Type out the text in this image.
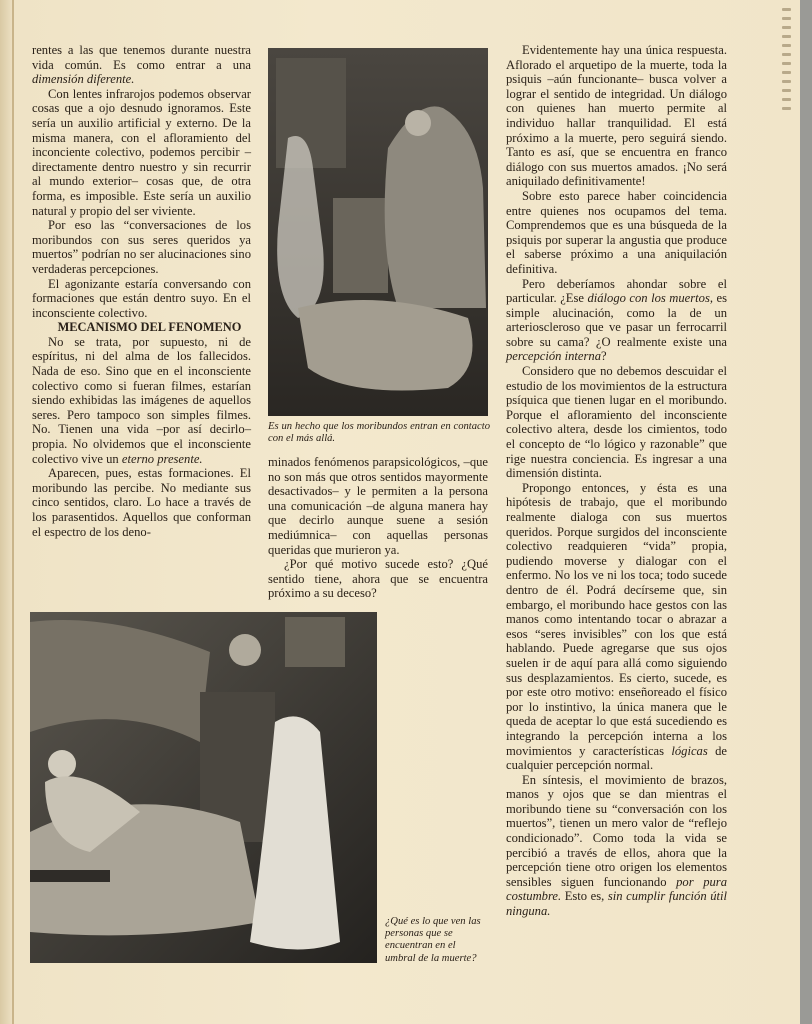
rentes a las que tenemos durante nuestra vida común. Es como entrar a una dimensión diferente.

Con lentes infrarojos podemos observar cosas que a ojo desnudo ignoramos. Este sería un auxilio artificial y externo. De la misma manera, con el afloramiento del inconciente colectivo, podemos percibir –directamente dentro nuestro y sin recurrir al mundo exterior– cosas que, de otra forma, es imposible. Este sería un auxilio natural y propio del ser viviente.

Por eso las “conversaciones de los moribundos con sus seres queridos ya muertos” podrían no ser alucinaciones sino verdaderas percepciones.

El agonizante estaría conversando con formaciones que están dentro suyo. En el inconsciente colectivo.

MECANISMO DEL FENOMENO

No se trata, por supuesto, ni de espíritus, ni del alma de los fallecidos. Nada de eso. Sino que en el inconsciente colectivo como si fueran filmes, estarían siendo exhibidas las imágenes de aquellos seres. Pero tampoco son simples filmes. No. Tienen una vida –por así decirlo– propia. No olvidemos que el inconsciente colectivo vive un eterno presente.

Aparecen, pues, estas formaciones. El moribundo las percibe. No mediante sus cinco sentidos, claro. Lo hace a través de los parasentidos. Aquellos que conforman el espectro de los deno-

minados fenómenos parapsicológicos, –que no son más que otros sentidos mayormente desactivados– y le permiten a la persona una comunicación –de alguna manera hay que decirlo aunque suene a sesión mediúmnica– con aquellas personas queridas que murieron ya.

¿Por qué motivo sucede esto? ¿Qué sentido tiene, ahora que se encuentra próximo a su deceso?

Evidentemente hay una única respuesta. Aflorado el arquetipo de la muerte, toda la psiquis –aún funcionante– busca volver a lograr el sentido de integridad. Un diálogo con quienes han muerto permite al individuo hallar tranquilidad. El está próximo a la muerte, pero seguirá siendo. Tanto es así, que se encuentra en franco diálogo con sus muertos amados. ¡No será aniquilado definitivamente!

Sobre esto parece haber coincidencia entre quienes nos ocupamos del tema. Comprendemos que es una búsqueda de la psiquis por superar la angustia que produce el saberse próximo a una aniquilación definitiva.

Pero deberíamos ahondar sobre el particular. ¿Ese diálogo con los muertos, es simple alucinación, como la de un arterioscleroso que ve pasar un ferrocarril sobre su cama? ¿O realmente existe una percepción interna?

Considero que no debemos descuidar el estudio de los movimientos de la estructura psíquica que tienen lugar en el moribundo. Porque el afloramiento del inconsciente colectivo altera, desde los cimientos, todo el concepto de “lo lógico y razonable” que rige nuestra conciencia. Es ingresar a una dimensión distinta.

Propongo entonces, y ésta es una hipótesis de trabajo, que el moribundo realmente dialoga con sus muertos queridos. Porque surgidos del inconsciente colectivo readquieren “vida” propia, pudiendo moverse y dialogar con el enfermo. No los ve ni los toca; todo sucede dentro de él. Podrá decírseme que, sin embargo, el moribundo hace gestos con las manos como intentando tocar o abrazar a esos “seres invisibles” con los que está hablando. Puede agregarse que sus ojos suelen ir de aquí para allá como siguiendo sus desplazamientos. Es cierto, sucede, es por este otro motivo: enseñoreado el físico por lo instintivo, la única manera que le queda de aceptar lo que está sucediendo es integrando la percepción interna a los movimientos y características lógicas de cualquier percepción normal.

En síntesis, el movimiento de brazos, manos y ojos que se dan mientras el moribundo tiene su “conversación con los muertos”, tienen un mero valor de “reflejo condicionado”. Como toda la vida se percibió a través de ellos, ahora que la percepción tiene otro origen los elementos sensibles siguen funcionando por pura costumbre. Esto es, sin cumplir función útil ninguna.

Es un hecho que los moribundos entran en contacto con el más allá.
¿Qué es lo que ven las personas que se encuentran en el umbral de la muerte?
